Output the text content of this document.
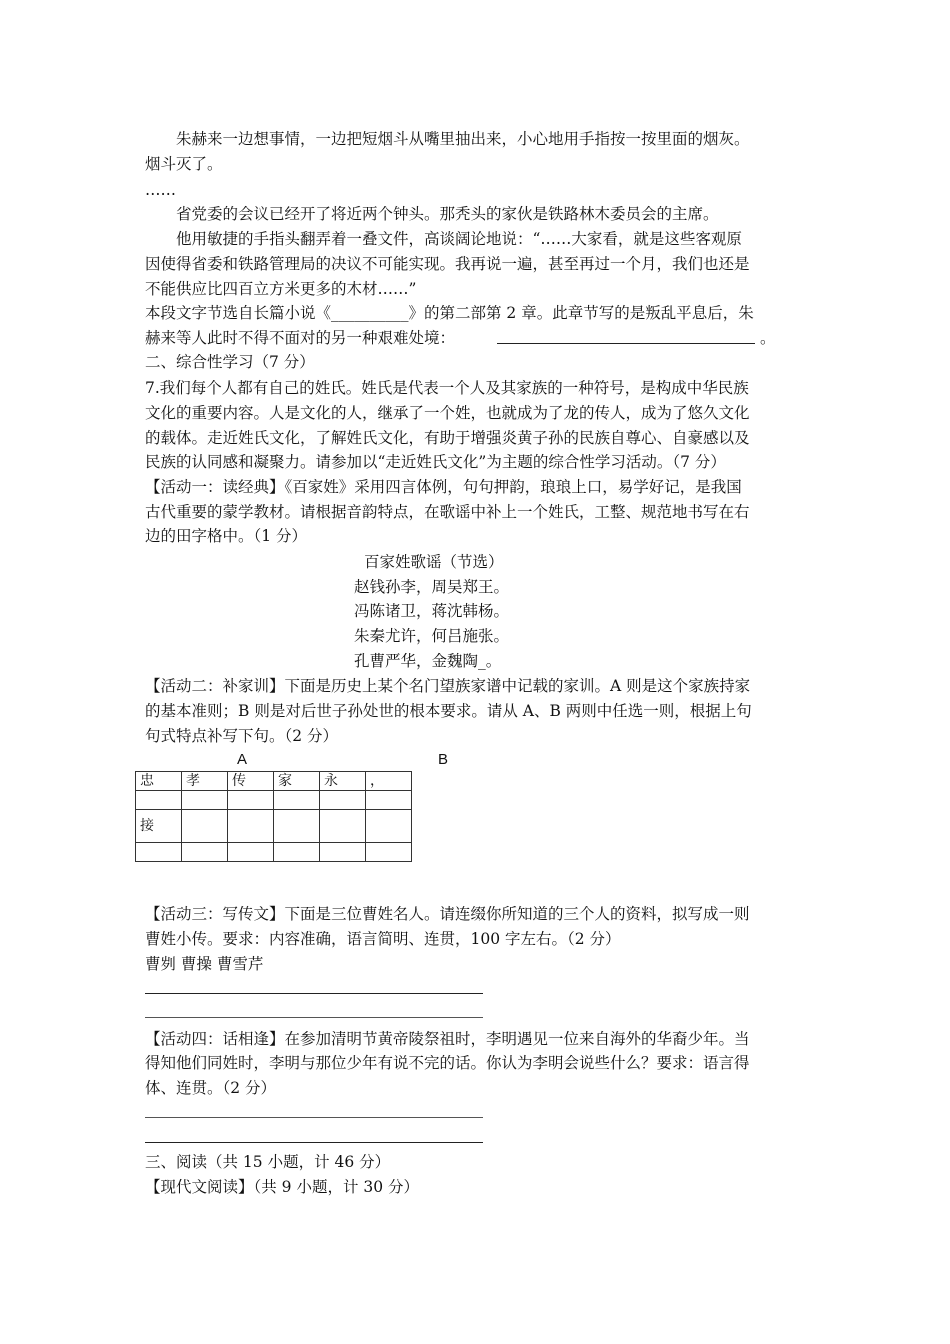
朱赫来一边想事情，一边把短烟斗从嘴里抽出来，小心地用手指按一按里面的烟灰。
烟斗灭了。
……
省党委的会议已经开了将近两个钟头。那秃头的家伙是铁路林木委员会的主席。
他用敏捷的手指头翻弄着一叠文件，高谈阔论地说：“……大家看，就是这些客观原
因使得省委和铁路管理局的决议不可能实现。我再说一遍，甚至再过一个月，我们也还是
不能供应比四百立方米更多的木材……”
本段文字节选自长篇小说《__________》的第二部第 2 章。此章节写的是叛乱平息后，朱
赫来等人此时不得不面对的另一种艰难处境：	。
二、综合性学习（7 分）
7.我们每个人都有自己的姓氏。姓氏是代表一个人及其家族的一种符号，是构成中华民族
文化的重要内容。人是文化的人，继承了一个姓，也就成为了龙的传人，成为了悠久文化
的载体。走近姓氏文化，了解姓氏文化，有助于增强炎黄子孙的民族自尊心、自豪感以及
民族的认同感和凝聚力。请参加以“走近姓氏文化”为主题的综合性学习活动。（7 分）
【活动一：读经典】《百家姓》采用四言体例，句句押韵，琅琅上口，易学好记，是我国
古代重要的蒙学教材。请根据音韵特点，在歌谣中补上一个姓氏，工整、规范地书写在右
边的田字格中。（1 分）
百家姓歌谣（节选）
赵钱孙李，周吴郑王。
冯陈诸卫，蒋沈韩杨。
朱秦尤许，何吕施张。
孔曹严华，金魏陶_。
【活动二：补家训】下面是历史上某个名门望族家谱中记载的家训。A 则是这个家族持家
的基本准则；B 则是对后世子孙处世的根本要求。请从 A、B 两则中任选一则，根据上句
句式特点补写下句。（2 分）
A	B
忠	孝	传	家	永	，

接					

【活动三：写传文】下面是三位曹姓名人。请连缀你所知道的三个人的资料，拟写成一则
曹姓小传。要求：内容准确，语言简明、连贯，100 字左右。（2 分）
曹刿 曹操 曹雪芹
【活动四：话相逢】在参加清明节黄帝陵祭祖时，李明遇见一位来自海外的华裔少年。当
得知他们同姓时，李明与那位少年有说不完的话。你认为李明会说些什么？要求：语言得
体、连贯。（2 分）
三、阅读（共 15 小题，计 46 分）
【现代文阅读】（共 9 小题，计 30 分）
